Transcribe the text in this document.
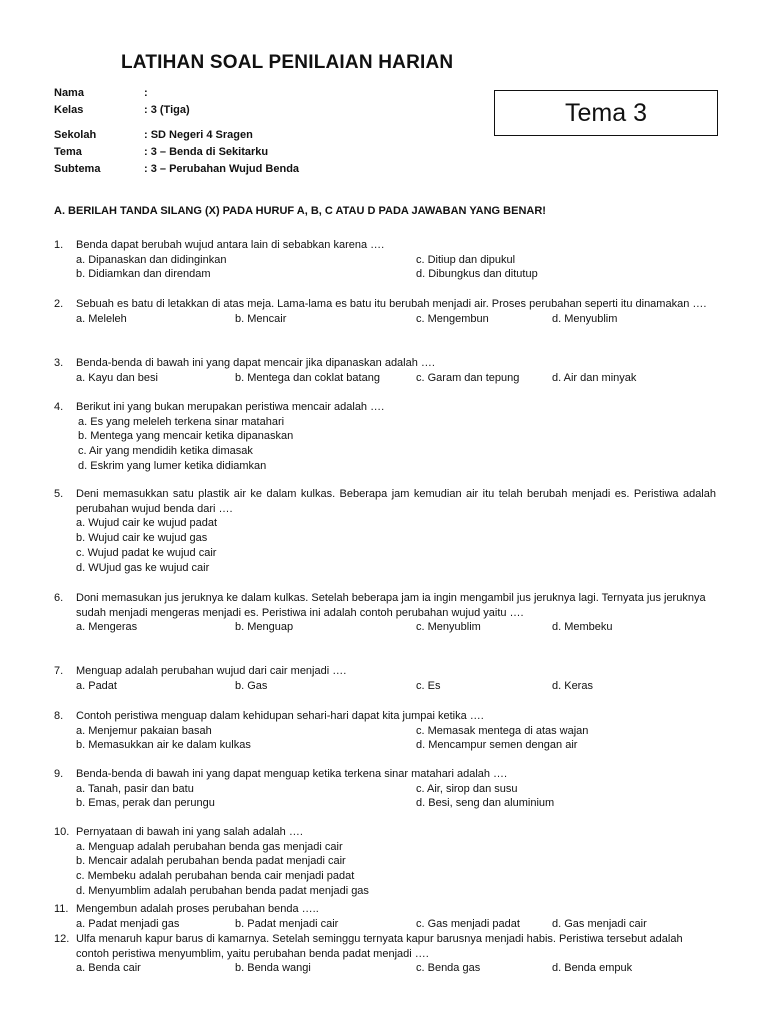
LATIHAN SOAL PENILAIAN HARIAN
Tema 3
Nama	:
Kelas	: 3 (Tiga)
Sekolah	: SD Negeri 4 Sragen
Tema	: 3 – Benda di Sekitarku
Subtema	: 3 – Perubahan Wujud Benda
A. BERILAH TANDA SILANG (X) PADA HURUF A, B, C ATAU D PADA JAWABAN YANG BENAR!
1. Benda dapat berubah wujud antara lain di sebabkan karena ….
a. Dipanaskan dan didinginkan	c. Ditiup dan dipukul
b. Didiamkan dan direndam	d. Dibungkus dan ditutup
2. Sebuah es batu di letakkan di atas meja. Lama-lama es batu itu berubah menjadi air. Proses perubahan seperti itu dinamakan ….
a. Meleleh	b. Mencair	c. Mengembun	d. Menyublim
3. Benda-benda di bawah ini yang dapat mencair jika dipanaskan adalah ….
a. Kayu dan besi	b. Mentega dan coklat batang	c. Garam dan tepung	d. Air dan minyak
4. Berikut ini yang bukan merupakan peristiwa mencair adalah ….
a. Es yang meleleh terkena sinar matahari
b. Mentega yang mencair ketika dipanaskan
c. Air yang mendidih ketika dimasak
d. Eskrim yang lumer ketika didiamkan
5. Deni memasukkan satu plastik air ke dalam kulkas. Beberapa jam kemudian air itu telah berubah menjadi es. Peristiwa adalah perubahan wujud benda dari ….
a. Wujud cair ke wujud padat
b. Wujud cair ke wujud gas
c. Wujud padat ke wujud cair
d. WUjud gas ke wujud cair
6. Doni memasukan jus jeruknya ke dalam kulkas. Setelah beberapa jam ia ingin mengambil jus jeruknya lagi. Ternyata jus jeruknya sudah menjadi mengeras menjadi es. Peristiwa ini adalah contoh perubahan wujud yaitu ….
a. Mengeras	b. Menguap	c. Menyublim	d. Membeku
7. Menguap adalah perubahan wujud dari cair menjadi ….
a. Padat	b. Gas	c. Es	d. Keras
8. Contoh peristiwa menguap dalam kehidupan sehari-hari dapat kita jumpai ketika ….
a. Menjemur pakaian basah	c. Memasak mentega di atas wajan
b. Memasukkan air ke dalam kulkas	d. Mencampur semen dengan air
9. Benda-benda di bawah ini yang dapat menguap ketika terkena sinar matahari adalah ….
a. Tanah, pasir dan batu	c. Air, sirop dan susu
b. Emas, perak dan perungu	d. Besi, seng dan aluminium
10. Pernyataan di bawah ini yang salah adalah ….
a. Menguap adalah perubahan benda gas menjadi cair
b. Mencair adalah perubahan benda padat menjadi cair
c. Membeku adalah perubahan benda cair menjadi padat
d. Menyumblim adalah perubahan benda padat menjadi gas
11. Mengembun adalah proses perubahan benda …..
a. Padat menjadi gas	b. Padat menjadi cair	c. Gas menjadi padat	d. Gas menjadi cair
12. Ulfa menaruh kapur barus di kamarnya. Setelah seminggu ternyata kapur barusnya menjadi habis. Peristiwa tersebut adalah contoh peristiwa menyumblim, yaitu perubahan benda padat menjadi ….
a. Benda cair	b. Benda wangi	c. Benda gas	d. Benda empuk
